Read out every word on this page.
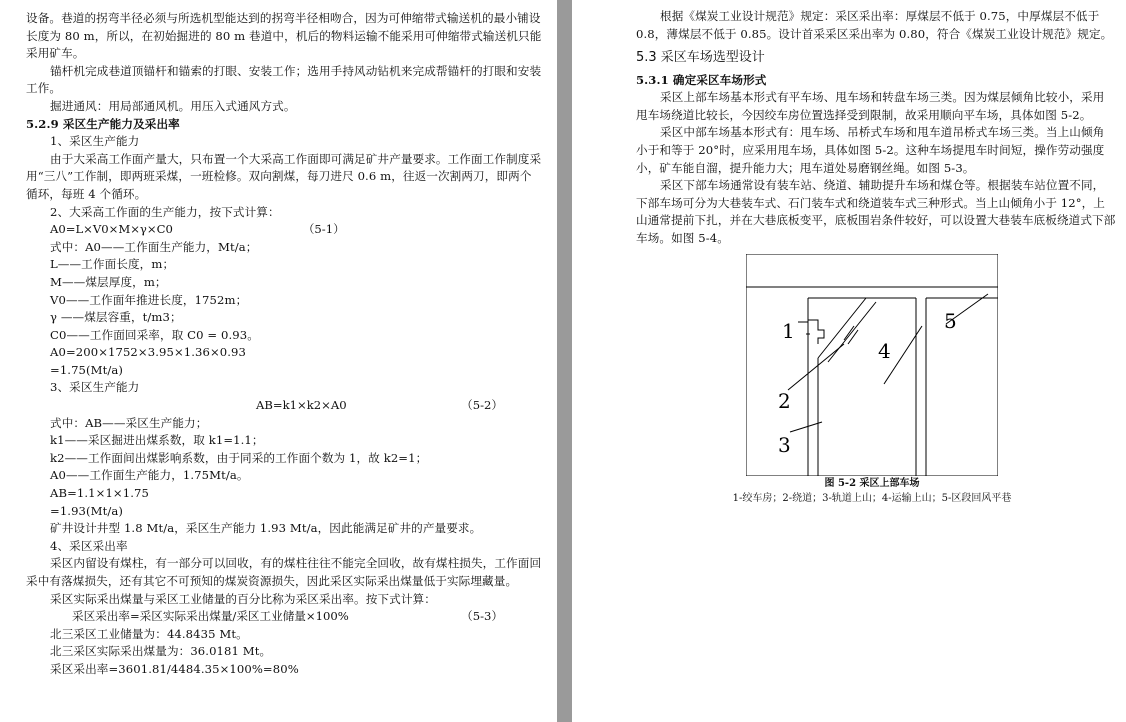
设备。巷道的拐弯半径必须与所选机型能达到的拐弯半径相吻合，因为可伸缩带式输送机的最小铺设长度为 80 m，所以，在初始掘进的 80 m 巷道中，机后的物料运输不能采用可伸缩带式输送机只能采用矿车。

锚杆机完成巷道顶锚杆和锚索的打眼、安装工作；选用手持风动钻机来完成帮锚杆的打眼和安装工作。

掘进通风：用局部通风机。用压入式通风方式。

5.2.9 采区生产能力及采出率

1、采区生产能力

由于大采高工作面产量大，只布置一个大采高工作面即可满足矿井产量要求。工作面工作制度采用“三八”工作制，即两班采煤，一班检修。双向割煤，每刀进尺 0.6 m，往返一次割两刀，即两个循环，每班 4 个循环。

2、大采高工作面的生产能力，按下式计算：

A0=L×V0×M×γ×C0	（5-1）

式中：A0——工作面生产能力，Mt/a；

L——工作面长度，m；

M——煤层厚度，m；

V0——工作面年推进长度，1752m；

γ ——煤层容重，t/m3；

C0——工作面回采率，取 C0 = 0.93。

A0=200×1752×3.95×1.36×0.93

=1.75(Mt/a)

3、采区生产能力

AB=k1×k2×A0	（5-2）

式中：AB——采区生产能力；

k1——采区掘进出煤系数，取 k1=1.1；

k2——工作面间出煤影响系数，由于同采的工作面个数为 1，故 k2=1；

A0——工作面生产能力，1.75Mt/a。

AB=1.1×1×1.75

=1.93(Mt/a)

矿井设计井型 1.8 Mt/a，采区生产能力 1.93 Mt/a，因此能满足矿井的产量要求。

4、采区采出率

采区内留设有煤柱，有一部分可以回收，有的煤柱往往不能完全回收，故有煤柱损失，工作面回采中有落煤损失，还有其它不可预知的煤炭资源损失，因此采区实际采出煤量低于实际埋藏量。

采区实际采出煤量与采区工业储量的百分比称为采区采出率。按下式计算：

采区采出率=采区实际采出煤量/采区工业储量×100%	（5-3）

北三采区工业储量为：44.8435 Mt。

北三采区实际采出煤量为：36.0181 Mt。

采区采出率=3601.81/4484.35×100%=80%

根据《煤炭工业设计规范》规定：采区采出率：厚煤层不低于 0.75，中厚煤层不低于 0.8，薄煤层不低于 0.85。设计首采采区采出率为 0.80，符合《煤炭工业设计规范》规定。

5.3 采区车场选型设计

5.3.1 确定采区车场形式

采区上部车场基本形式有平车场、甩车场和转盘车场三类。因为煤层倾角比较小，采用甩车场绕道比较长，今因绞车房位置选择受到限制，故采用顺向平车场，具体如图 5-2。

采区中部车场基本形式有：甩车场、吊桥式车场和甩车道吊桥式车场三类。当上山倾角小于和等于 20°时，应采用甩车场，具体如图 5-2。这种车场提甩车时间短，操作劳动强度小，矿车能自溜，提升能力大；甩车道处易磨钢丝绳。如图 5-3。

采区下部车场通常设有装车站、绕道、辅助提升车场和煤仓等。根据装车站位置不同，下部车场可分为大巷装车式、石门装车式和绕道装车式三种形式。当上山倾角小于 12°，上山通常提前下扎，并在大巷底板变平，底板围岩条件较好，可以设置大巷装车底板绕道式下部车场。如图 5-4。

1
2
3
4
5
图 5-2 采区上部车场
1-绞车房；2-绕道；3-轨道上山；4-运输上山；5-区段回风平巷
